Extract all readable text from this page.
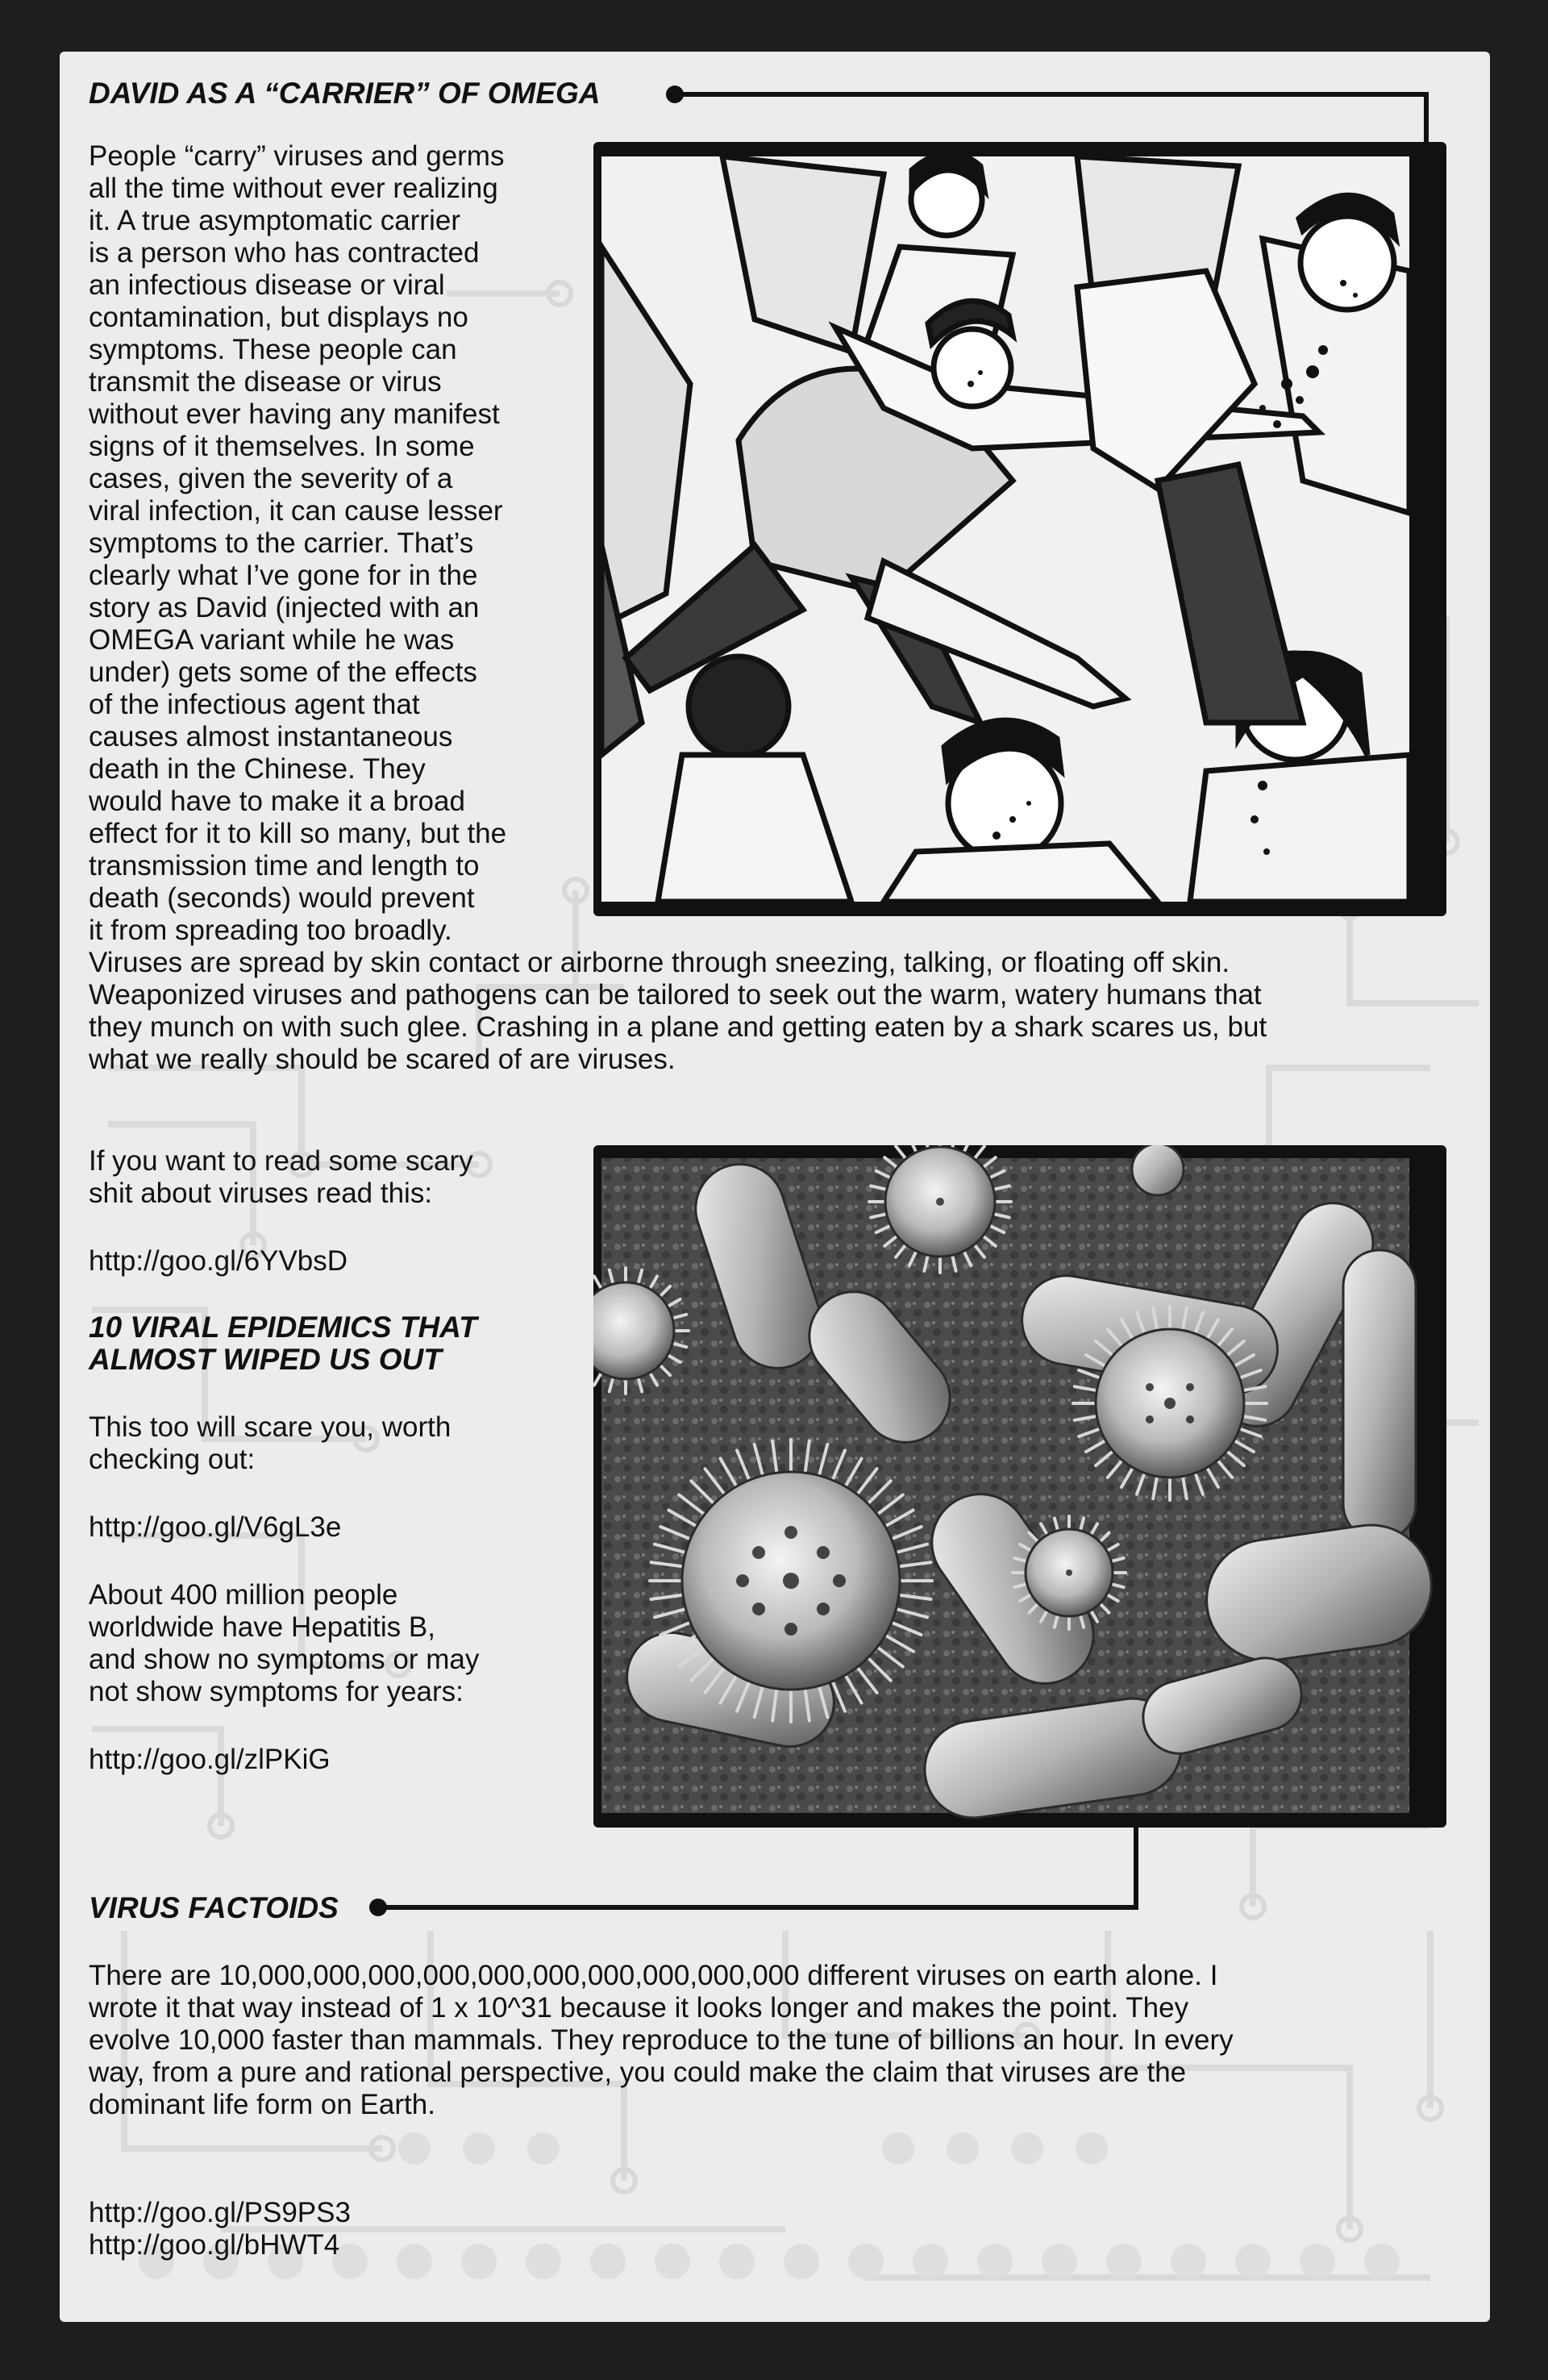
DAVID AS A “CARRIER” OF OMEGA

People “carry” viruses and germs

all the time without ever realizing

it. A true asymptomatic carrier

is a person who has contracted

an infectious disease or viral

contamination, but displays no

symptoms. These people can

transmit the disease or virus

without ever having any manifest

signs of it themselves. In some

cases, given the severity of a

viral infection, it can cause lesser

symptoms to the carrier. That’s

clearly what I’ve gone for in the

story as David (injected with an

OMEGA variant while he was

under) gets some of the effects

of the infectious agent that

causes almost instantaneous

death in the Chinese. They

would have to make it a broad

effect for it to kill so many, but the

transmission time and length to

death (seconds) would prevent

it from spreading too broadly.

Viruses are spread by skin contact or airborne through sneezing, talking, or floating off skin.

Weaponized viruses and pathogens can be tailored to seek out the warm, watery humans that

they munch on with such glee. Crashing in a plane and getting eaten by a shark scares us, but

what we really should be scared of are viruses.

If you want to read some scary

shit about viruses read this:

http://goo.gl/6YVbsD
10 VIRAL EPIDEMICS THAT
ALMOST WIPED US OUT

This too will scare you, worth

checking out:

http://goo.gl/V6gL3e

About 400 million people

worldwide have Hepatitis B,

and show no symptoms or may

not show symptoms for years:

http://goo.gl/zlPKiG
VIRUS FACTOIDS

There are 10,000,000,000,000,000,000,000,000,000,000 different viruses on earth alone. I

wrote it that way instead of 1 x 10^31 because it looks longer and makes the point. They

evolve 10,000 faster than mammals. They reproduce to the tune of billions an hour. In every

way, from a pure and rational perspective, you could make the claim that viruses are the

dominant life form on Earth.

http://goo.gl/PS9PS3
http://goo.gl/bHWT4
